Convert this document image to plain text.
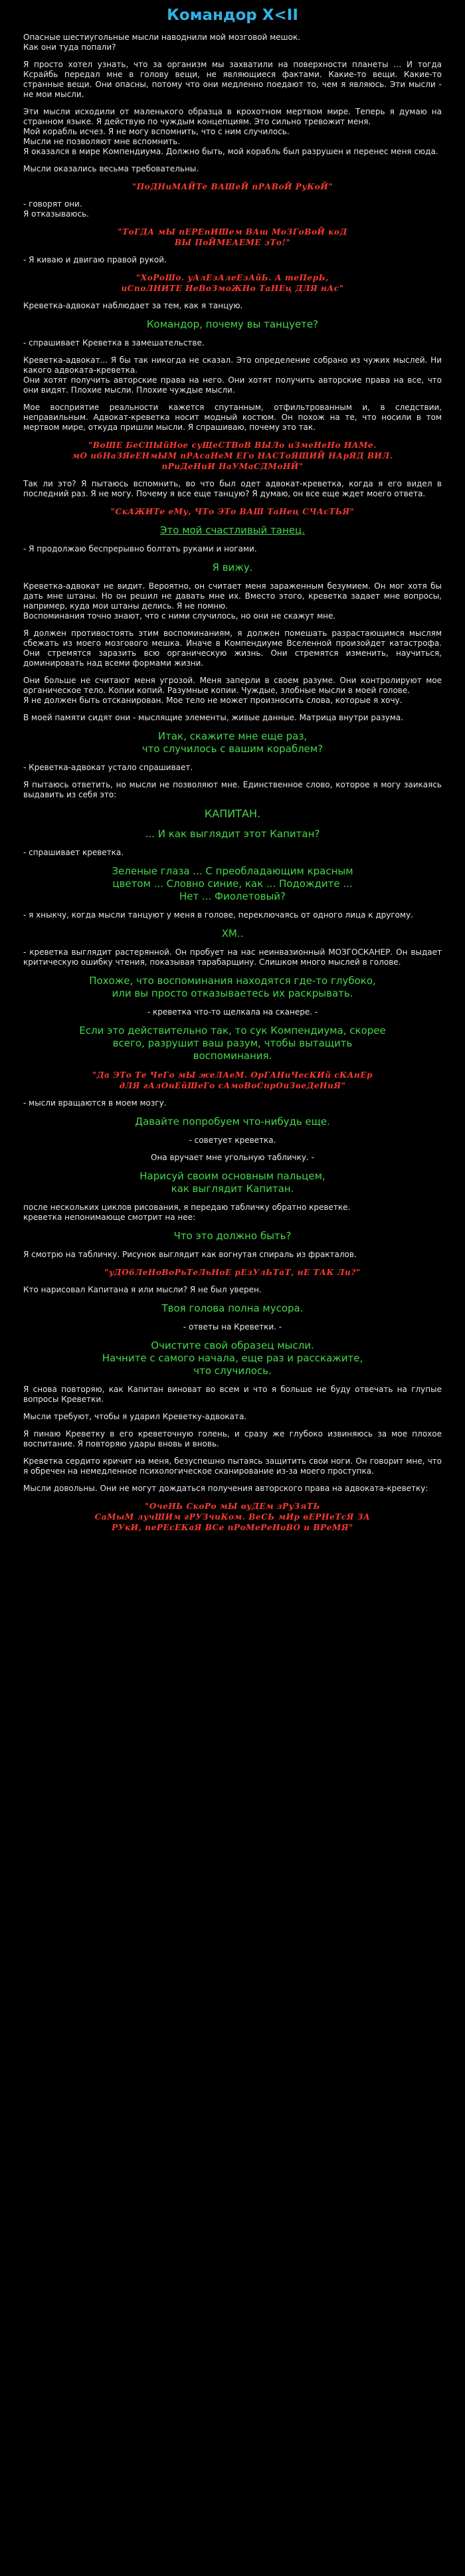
Командор X<II

Опасные шестиугольные мысли наводнили мой мозговой мешок.

Как они туда попали?

Я просто хотел узнать, что за организм мы захватили на поверхности планеты … И тогда Ксрайбь передал мне в голову вещи, не являющиеся фактами. Какие-то вещи. Какие-то странные вещи. Они опасны, потому что они медленно поедают то, чем я являюсь. Эти мысли - не мои мысли.

Эти мысли исходили от маленького образца в крохотном мертвом мире. Теперь я думаю на странном языке. Я действую по чуждым концепциям. Это сильно тревожит меня.

Мой корабль исчез. Я не могу вспомнить, что с ним случилось.

Мысли не позволяют мне вспомнить.

Я оказался в мире Компендиума. Должно быть, мой корабль был разрушен и перенес меня сюда.

Мысли оказались весьма требовательны.

"ПоДНиМАЙТе ВАШеЙ пРАВоЙ РуКоЙ"

- говорят они.

Я отказываюсь.

"ТоГДА мЫ пЕРЕпИШем ВАш МоЗГоВоЙ коД

ВЫ ПоЙМЕАЕМЕ эТо!"

- Я киваю и двигаю правой рукой.

"ХоРоШо. уАлЕзАлеЕзАйЬ. А теПерЬ,

иСпоЛНИТЕ НеВоЗмоЖНо ТаНЕц ДЛЯ нАс"

Креветка-адвокат наблюдает за тем, как я танцую.

Командор, почему вы танцуете?

- спрашивает Креветка в замешательстве.

Креветка-адвокат... Я бы так никогда не сказал. Это определение собрано из чужих мыслей. Ни какого адвоката-креветка.

Они хотят получить авторские права на него. Они хотят получить авторские права на все, что они видят. Плохие мысли. Плохие чуждые мысли.

Мое восприятие реальности кажется спутанным, отфильтрованным и, в следствии, неправильным. Адвокат-креветка носит модный костюм. Он похож на те, что носили в том мертвом мире, откуда пришли мысли. Я спрашиваю, почему это так.

"ВоШЕ БеСПЫйНое суЩеСТВоВ ВЫЛо иЗмеНеНо НАМе.

мО ибНаЗЯеЕНмЫМ пРАсаНеМ ЕГо НАСТоЯЩИЙ НАрЯД ВИЛ.

пРиДеНиИ НаУМаСДМоНЙ"

Так ли это? Я пытаюсь вспомнить, во что был одет адвокат-креветка, когда я его видел в последний раз. Я не могу. Почему я все еще танцую? Я думаю, он все еще ждет моего ответа.

"СкАЖИТе еМу, ЧТо ЭТо ВАШ ТаНец СЧАсТЬЯ"

Это мой счастливый танец.

- Я продолжаю беспрерывно болтать руками и ногами.

Я вижу.

Креветка-адвокат не видит. Вероятно, он считает меня зараженным безумием. Он мог хотя бы дать мне штаны. Но он решил не давать мне их. Вместо этого, креветка задает мне вопросы, например, куда мои штаны делись. Я не помню.

Воспоминания точно знают, что с ними случилось, но они не скажут мне.

Я должен противостоять этим воспоминаниям, я должен помешать разрастающимся мыслям сбежать из моего мозгового мешка. Иначе в Компендиуме Вселенной произойдет катастрофа. Они стремятся заразить всю органическую жизнь. Они стремятся изменить, научиться, доминировать над всеми формами жизни.

Они больше не считают меня угрозой. Меня заперли в своем разуме. Они контролируют мое органическое тело. Копии копий. Разумные копии. Чуждые, злобные мысли в моей голове.

Я не должен быть отсканирован. Мое тело не может произносить слова, которые я хочу.

В моей памяти сидят они - мыслящие элементы, живые данные. Матрица внутри разума.

Итак, скажите мне еще раз,

что случилось с вашим кораблем?

- Креветка-адвокат устало спрашивает.

Я пытаюсь ответить, но мысли не позволяют мне. Единственное слово, которое я могу заикаясь выдавить из себя это:

КАПИТАН.

... И как выглядит этот Капитан?

- спрашивает креветка.

Зеленые глаза ... С преобладающим красным

цветом ... Словно синие, как ... Подождите ...

Нет ... Фиолетовый?

- я хныкчу, когда мысли танцуют у меня в голове, переключаясь от одного лица к другому.

ХМ..

- креветка выглядит растерянной. Он пробует на нас неинвазионный МОЗГОСКАНЕР. Он выдает критическую ошибку чтения, показывая тарабарщину. Слишком много мыслей в голове.

Похоже, что воспоминания находятся где-то глубоко,

или вы просто отказываетесь их раскрывать.

- креветка что-то щелкала на сканере. -

Если это действительно так, то сук Компендиума, скорее

всего, разрушит ваш разум, чтобы вытащить

воспоминания.

"Да ЭТо Те ЧеГо мЫ жеЛАеМ. ОрГАНиЧесКИй сКАнЕр

дЛЯ гАлОнЕйШеГо сАмоВоСпрОиЗвеДеНиЯ"

- мысли вращаются в моем мозгу.

Давайте попробуем что-нибудь еще.

- советует креветка.

Она вручает мне угольную табличку. -

Нарисуй своим основным пальцем,

как выглядит Капитан.

после нескольких циклов рисования, я передаю табличку обратно креветке.

креветка непонимающе смотрит на нее:

Что это должно быть?

Я смотрю на табличку. Рисунок выглядит как вогнутая спираль из фракталов.

"уДОбЛеНоВоРьТеЛьНоЕ рЕзУлЬТаТ, нЕ ТАК Ли?"

Кто нарисовал Капитана я или мысли? Я не был уверен.

Твоя голова полна мусора.

- ответы на Креветки. -

Очистите свой образец мысли.

Начните с самого начала, еще раз и расскажите,

что случилось.

Я снова повторяю, как Капитан виноват во всем и что я больше не буду отвечать на глупые вопросы Креветки.

Мысли требуют, чтобы я ударил Креветку-адвоката.

Я пинаю Креветку в его креветочную голень, и сразу же глубоко извиняюсь за мое плохое воспитание. Я повторяю удары вновь и вновь.

Креветка сердито кричит на меня, безуспешно пытаясь защитить свои ноги. Он говорит мне, что я обречен на немедленное психологическое сканирование из-за моего проступка.

Мысли довольны. Они не могут дождаться получения авторского права на адвоката-креветку:

"ОчеНЬ СкоРо мЫ вуДЕм зРуЗяТЬ

СаМыМ лучШИм гРУЗчиКом. ВеСЬ мИр вЕРНеТсЯ ЗА

РУкИ, пеРЕсЕКаЯ ВСе пРоМеРеНоВО и ВРеМЯ"
